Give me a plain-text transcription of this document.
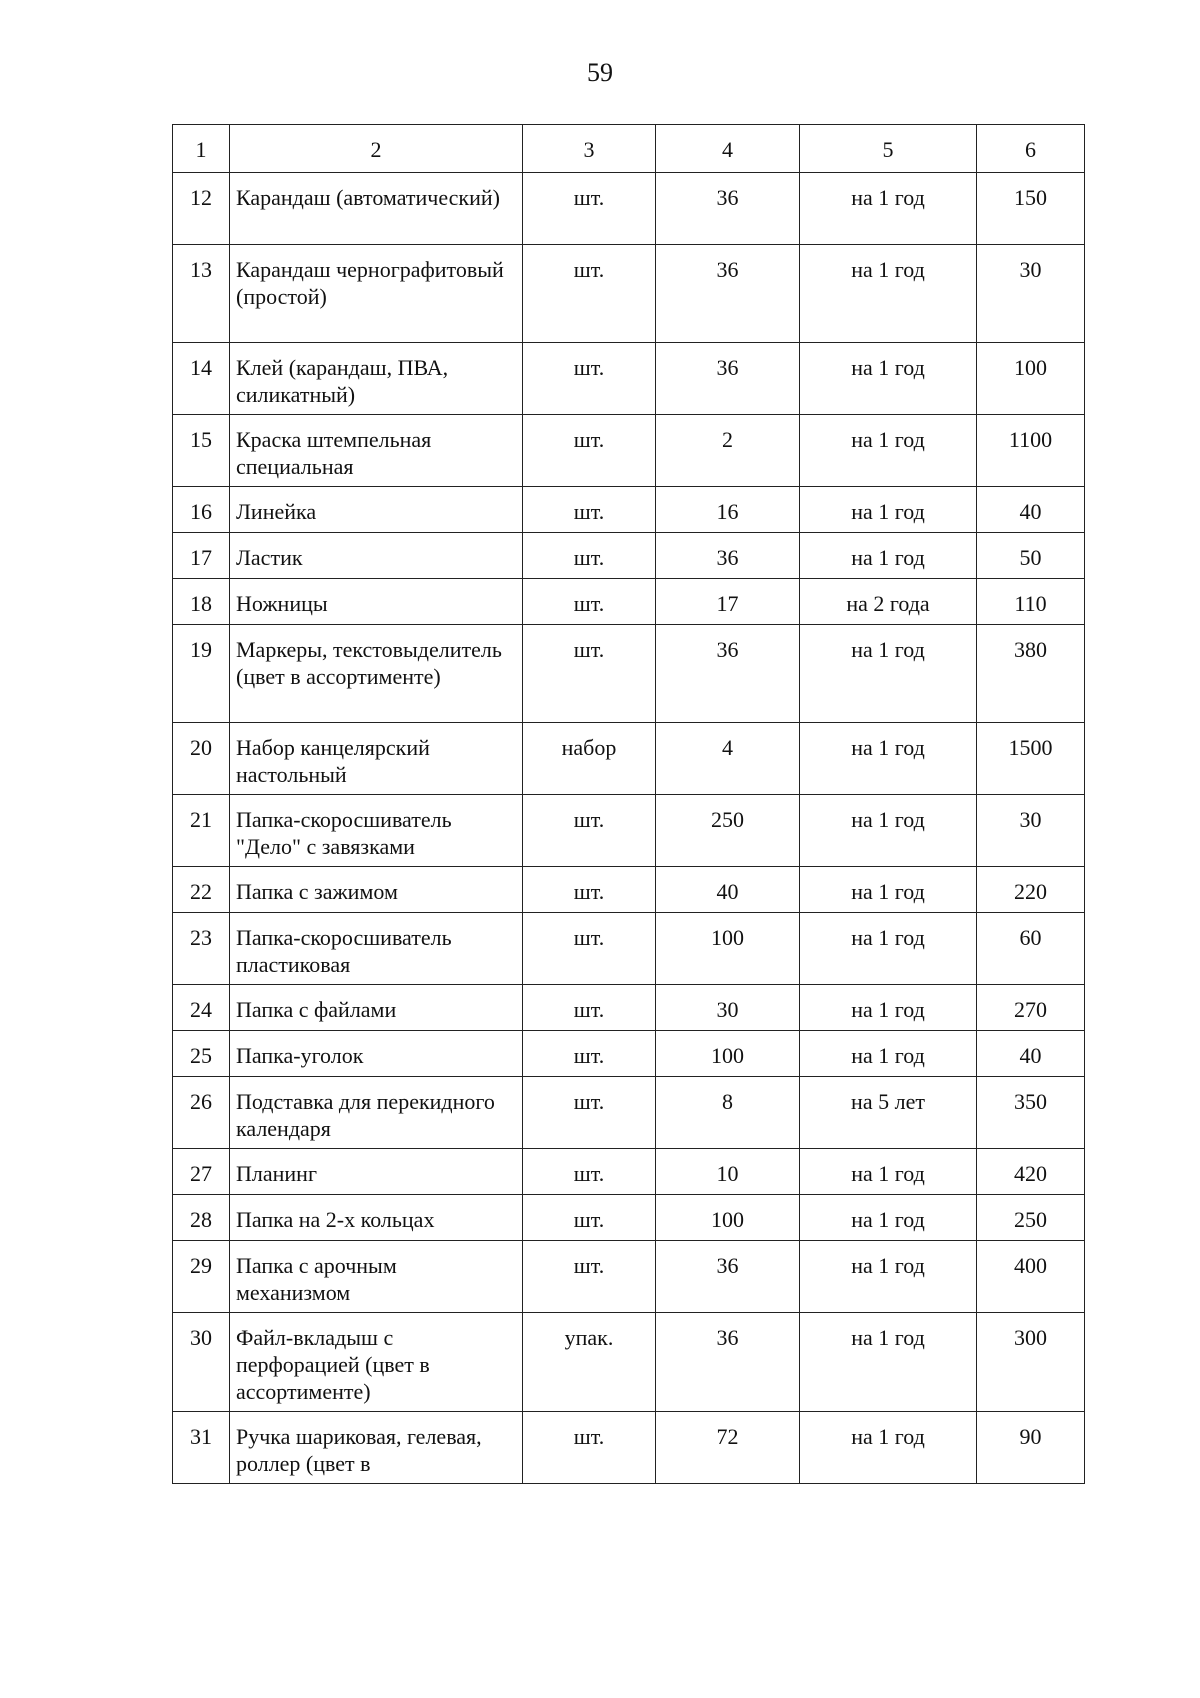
59
1	2	3	4	5	6
12	Карандаш (автоматический)	шт.	36	на 1 год	150
13	Карандаш чернографитовый (простой)	шт.	36	на 1 год	30
14	Клей (карандаш, ПВА, силикатный)	шт.	36	на 1 год	100
15	Краска штемпельная специальная	шт.	2	на 1 год	1100
16	Линейка	шт.	16	на 1 год	40
17	Ластик	шт.	36	на 1 год	50
18	Ножницы	шт.	17	на 2 года	110
19	Маркеры, текстовыделитель (цвет в ассортименте)	шт.	36	на 1 год	380
20	Набор канцелярский настольный	набор	4	на 1 год	1500
21	Папка-скоросшиватель "Дело" с завязками	шт.	250	на 1 год	30
22	Папка с зажимом	шт.	40	на 1 год	220
23	Папка-скоросшиватель пластиковая	шт.	100	на 1 год	60
24	Папка с файлами	шт.	30	на 1 год	270
25	Папка-уголок	шт.	100	на 1 год	40
26	Подставка для перекидного календаря	шт.	8	на 5 лет	350
27	Планинг	шт.	10	на 1 год	420
28	Папка на 2-х кольцах	шт.	100	на 1 год	250
29	Папка с арочным механизмом	шт.	36	на 1 год	400
30	Файл-вкладыш с перфорацией (цвет в ассортименте)	упак.	36	на 1 год	300
31	Ручка шариковая, гелевая, роллер (цвет в	шт.	72	на 1 год	90
